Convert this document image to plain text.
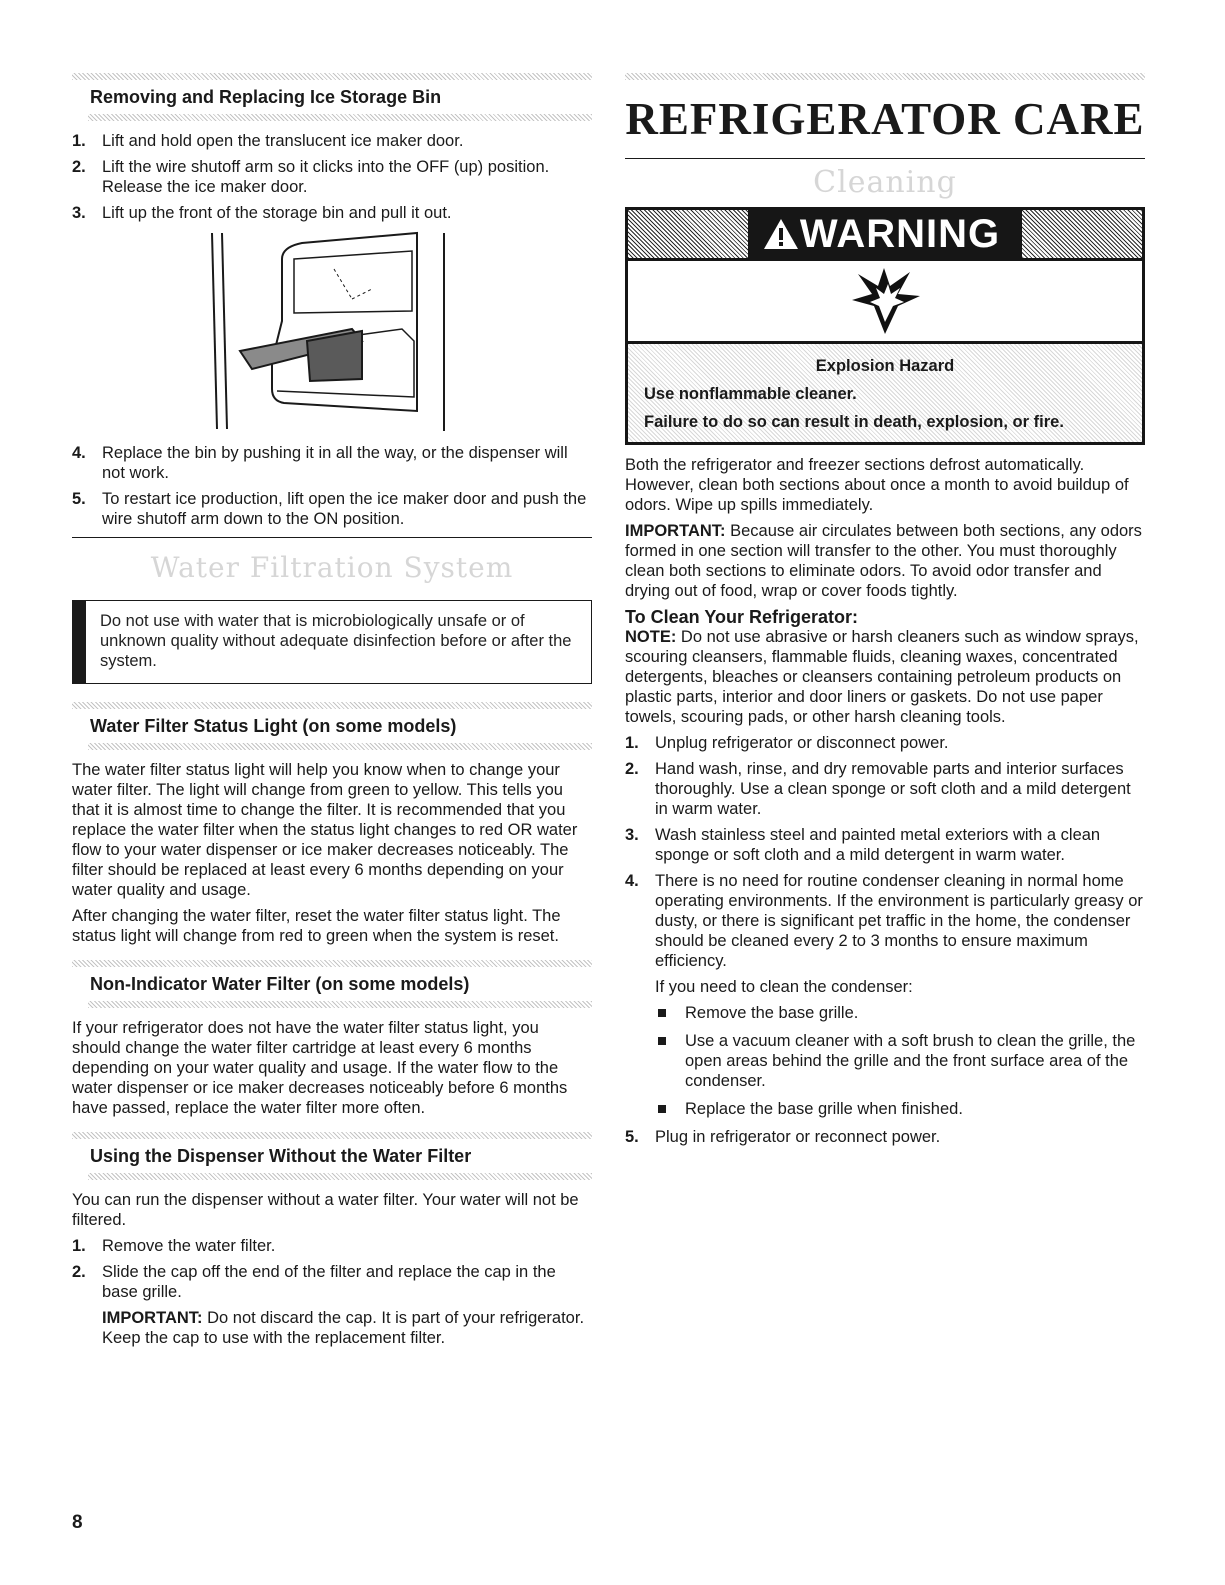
Removing and Replacing Ice Storage Bin
1. Lift and hold open the translucent ice maker door.
2. Lift the wire shutoff arm so it clicks into the OFF (up) position. Release the ice maker door.
3. Lift up the front of the storage bin and pull it out.
4. Replace the bin by pushing it in all the way, or the dispenser will not work.
5. To restart ice production, lift open the ice maker door and push the wire shutoff arm down to the ON position.
Water Filtration System
Do not use with water that is microbiologically unsafe or of unknown quality without adequate disinfection before or after the system.
Water Filter Status Light (on some models)
The water filter status light will help you know when to change your water filter. The light will change from green to yellow. This tells you that it is almost time to change the filter. It is recommended that you replace the water filter when the status light changes to red OR water flow to your water dispenser or ice maker decreases noticeably. The filter should be replaced at least every 6 months depending on your water quality and usage.
After changing the water filter, reset the water filter status light. The status light will change from red to green when the system is reset.
Non-Indicator Water Filter (on some models)
If your refrigerator does not have the water filter status light, you should change the water filter cartridge at least every 6 months depending on your water quality and usage. If the water flow to the water dispenser or ice maker decreases noticeably before 6 months have passed, replace the water filter more often.
Using the Dispenser Without the Water Filter
You can run the dispenser without a water filter. Your water will not be filtered.
1. Remove the water filter.
2. Slide the cap off the end of the filter and replace the cap in the base grille.
IMPORTANT: Do not discard the cap. It is part of your refrigerator. Keep the cap to use with the replacement filter.
REFRIGERATOR CARE
Cleaning
WARNING
Explosion Hazard
Use nonflammable cleaner.
Failure to do so can result in death, explosion, or fire.
Both the refrigerator and freezer sections defrost automatically. However, clean both sections about once a month to avoid buildup of odors. Wipe up spills immediately.
IMPORTANT: Because air circulates between both sections, any odors formed in one section will transfer to the other. You must thoroughly clean both sections to eliminate odors. To avoid odor transfer and drying out of food, wrap or cover foods tightly.
To Clean Your Refrigerator:
NOTE: Do not use abrasive or harsh cleaners such as window sprays, scouring cleansers, flammable fluids, cleaning waxes, concentrated detergents, bleaches or cleansers containing petroleum products on plastic parts, interior and door liners or gaskets. Do not use paper towels, scouring pads, or other harsh cleaning tools.
1. Unplug refrigerator or disconnect power.
2. Hand wash, rinse, and dry removable parts and interior surfaces thoroughly. Use a clean sponge or soft cloth and a mild detergent in warm water.
3. Wash stainless steel and painted metal exteriors with a clean sponge or soft cloth and a mild detergent in warm water.
4. There is no need for routine condenser cleaning in normal home operating environments. If the environment is particularly greasy or dusty, or there is significant pet traffic in the home, the condenser should be cleaned every 2 to 3 months to ensure maximum efficiency.
If you need to clean the condenser:
Remove the base grille.
Use a vacuum cleaner with a soft brush to clean the grille, the open areas behind the grille and the front surface area of the condenser.
Replace the base grille when finished.
5. Plug in refrigerator or reconnect power.
8
